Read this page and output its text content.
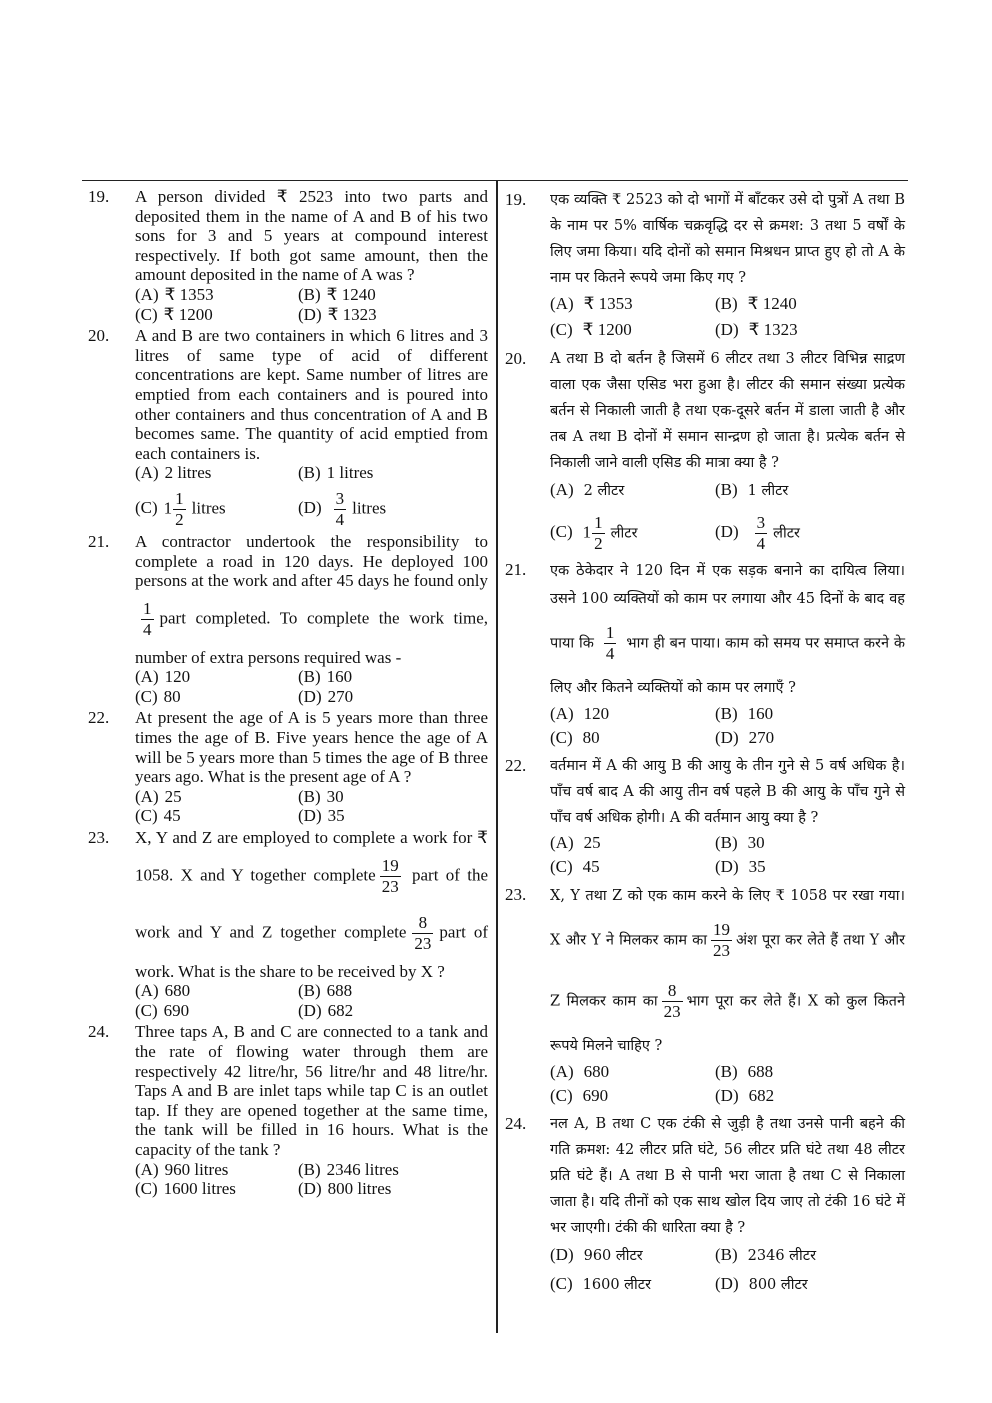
19. A person divided ₹ 2523 into two parts and deposited them in the name of A and B of his two sons for 3 and 5 years at compound interest respectively. If both got same amount, then the amount deposited in the name of A was ?
(A) ₹ 1353	(B) ₹ 1240
(C) ₹ 1200	(D) ₹ 1323
20. A and B are two containers in which 6 litres and 3 litres of same type of acid of different concentrations are kept. Same number of litres are emptied from each containers and is poured into other containers and thus concentration of A and B becomes same. The quantity of acid emptied from each containers is.
(A) 2 litres	(B) 1 litres
(C) $1 \frac{1}{2}$ litres	$(D) \frac{3}{4}$ litres
21. A contractor undertook the responsibility to complete a road in 120 days. He deployed 100 persons at the work and after 45 days he found only
$\frac{1}{4}$ part completed. To complete the work time, number of extra persons required was -
(A) 120	(B) 160
(C) 80	(D) 270
22. At present the age of A is 5 years more than three times the age of B. Five years hence the age of A will be 5 years more than 5 times the age of B three years ago. What is the present age of A ?
(A) 25	(B) 30
(C) 45	(D) 35
23. X, Y and Z are employed to complete a work for ₹ 1058. X and Y together complete $\frac{19}{23}$ part of the work and Y and Z together complete $\frac{8}{23}$ part of work. What is the share to be received by X ?
(A) 680	(B) 688
(C) 690	(D) 682
24. Three taps A, B and C are connected to a tank and the rate of flowing water through them are respectively 42 litre/hr, 56 litre/hr and 48 litre/hr. Taps A and B are inlet taps while tap C is an outlet tap. If they are opened together at the same time, the tank will be filled in 16 hours. What is the capacity of the tank ?
(A) 960 litres	(B) 2346 litres
(C) 1600 litres	(D) 800 litres
19. एक व्यक्ति ₹ 2523 को दो भागों में बाँटकर उसे दो पुत्रों A तथा B के नाम पर 5% वार्षिक चक्रवृद्धि दर से क्रमश: 3 तथा 5 वर्षों के लिए जमा किया। यदि दोनों को समान मिश्रधन प्राप्त हुए हो तो A के नाम पर कितने रूपये जमा किए गए ?
(A) ₹ 1353	(B) ₹ 1240
(C) ₹ 1200	(D) ₹ 1323
20. A तथा B दो बर्तन है जिसमें 6 लीटर तथा 3 लीटर विभिन्न साद्रण वाला एक जैसा एसिड भरा हुआ है। लीटर की समान संख्या प्रत्येक बर्तन से निकाली जाती है तथा एक-दूसरे बर्तन में डाला जाती है और तब A तथा B दोनों में समान सान्द्रण हो जाता है। प्रत्येक बर्तन से निकाली जाने वाली एसिड की मात्रा क्या है ?
(A) 2 लीटर	(B) 1 लीटर
(C) $1 \frac{1}{2}$ लीटर	$(D) \frac{3}{4}$ लीटर
21. एक ठेकेदार ने 120 दिन में एक सड़क बनाने का दायित्व लिया। उसने 100 व्यक्तियों को काम पर लगाया और 45 दिनों के बाद वह पाया कि $\frac{1}{4}$ भाग ही बन पाया। काम को समय पर समाप्त करने के लिए और कितने व्यक्तियों को काम पर लगाएँ ?
(A) 120	(B) 160
(C) 80	(D) 270
22. वर्तमान में A की आयु B की आयु के तीन गुने से 5 वर्ष अधिक है। पाँच वर्ष बाद A की आयु तीन वर्ष पहले B की आयु के पाँच गुने से पाँच वर्ष अधिक होगी। A की वर्तमान आयु क्या है ?
(A) 25	(B) 30
(C) 45	(D) 35
23. X, Y तथा Z को एक काम करने के लिए ₹ 1058 पर रखा गया। X और Y ने मिलकर काम का $\frac{19}{23}$ अंश पूरा कर लेते हैं तथा Y और Z मिलकर काम का $\frac{8}{23}$ भाग पूरा कर लेते हैं। X को कुल कितने रूपये मिलने चाहिए ?
(A) 680	(B) 688
(C) 690	(D) 682
24. नल A, B तथा C एक टंकी से जुड़ी है तथा उनसे पानी बहने की गति क्रमश: 42 लीटर प्रति घंटे, 56 लीटर प्रति घंटे तथा 48 लीटर प्रति घंटे हैं। A तथा B से पानी भरा जाता है तथा C से निकाला जाता है। यदि तीनों को एक साथ खोल दिय जाए तो टंकी 16 घंटे में भर जाएगी। टंकी की धारिता क्या है ?
(D) 960 लीटर	(B) 2346 लीटर
(C) 1600 लीटर	(D) 800 लीटर
